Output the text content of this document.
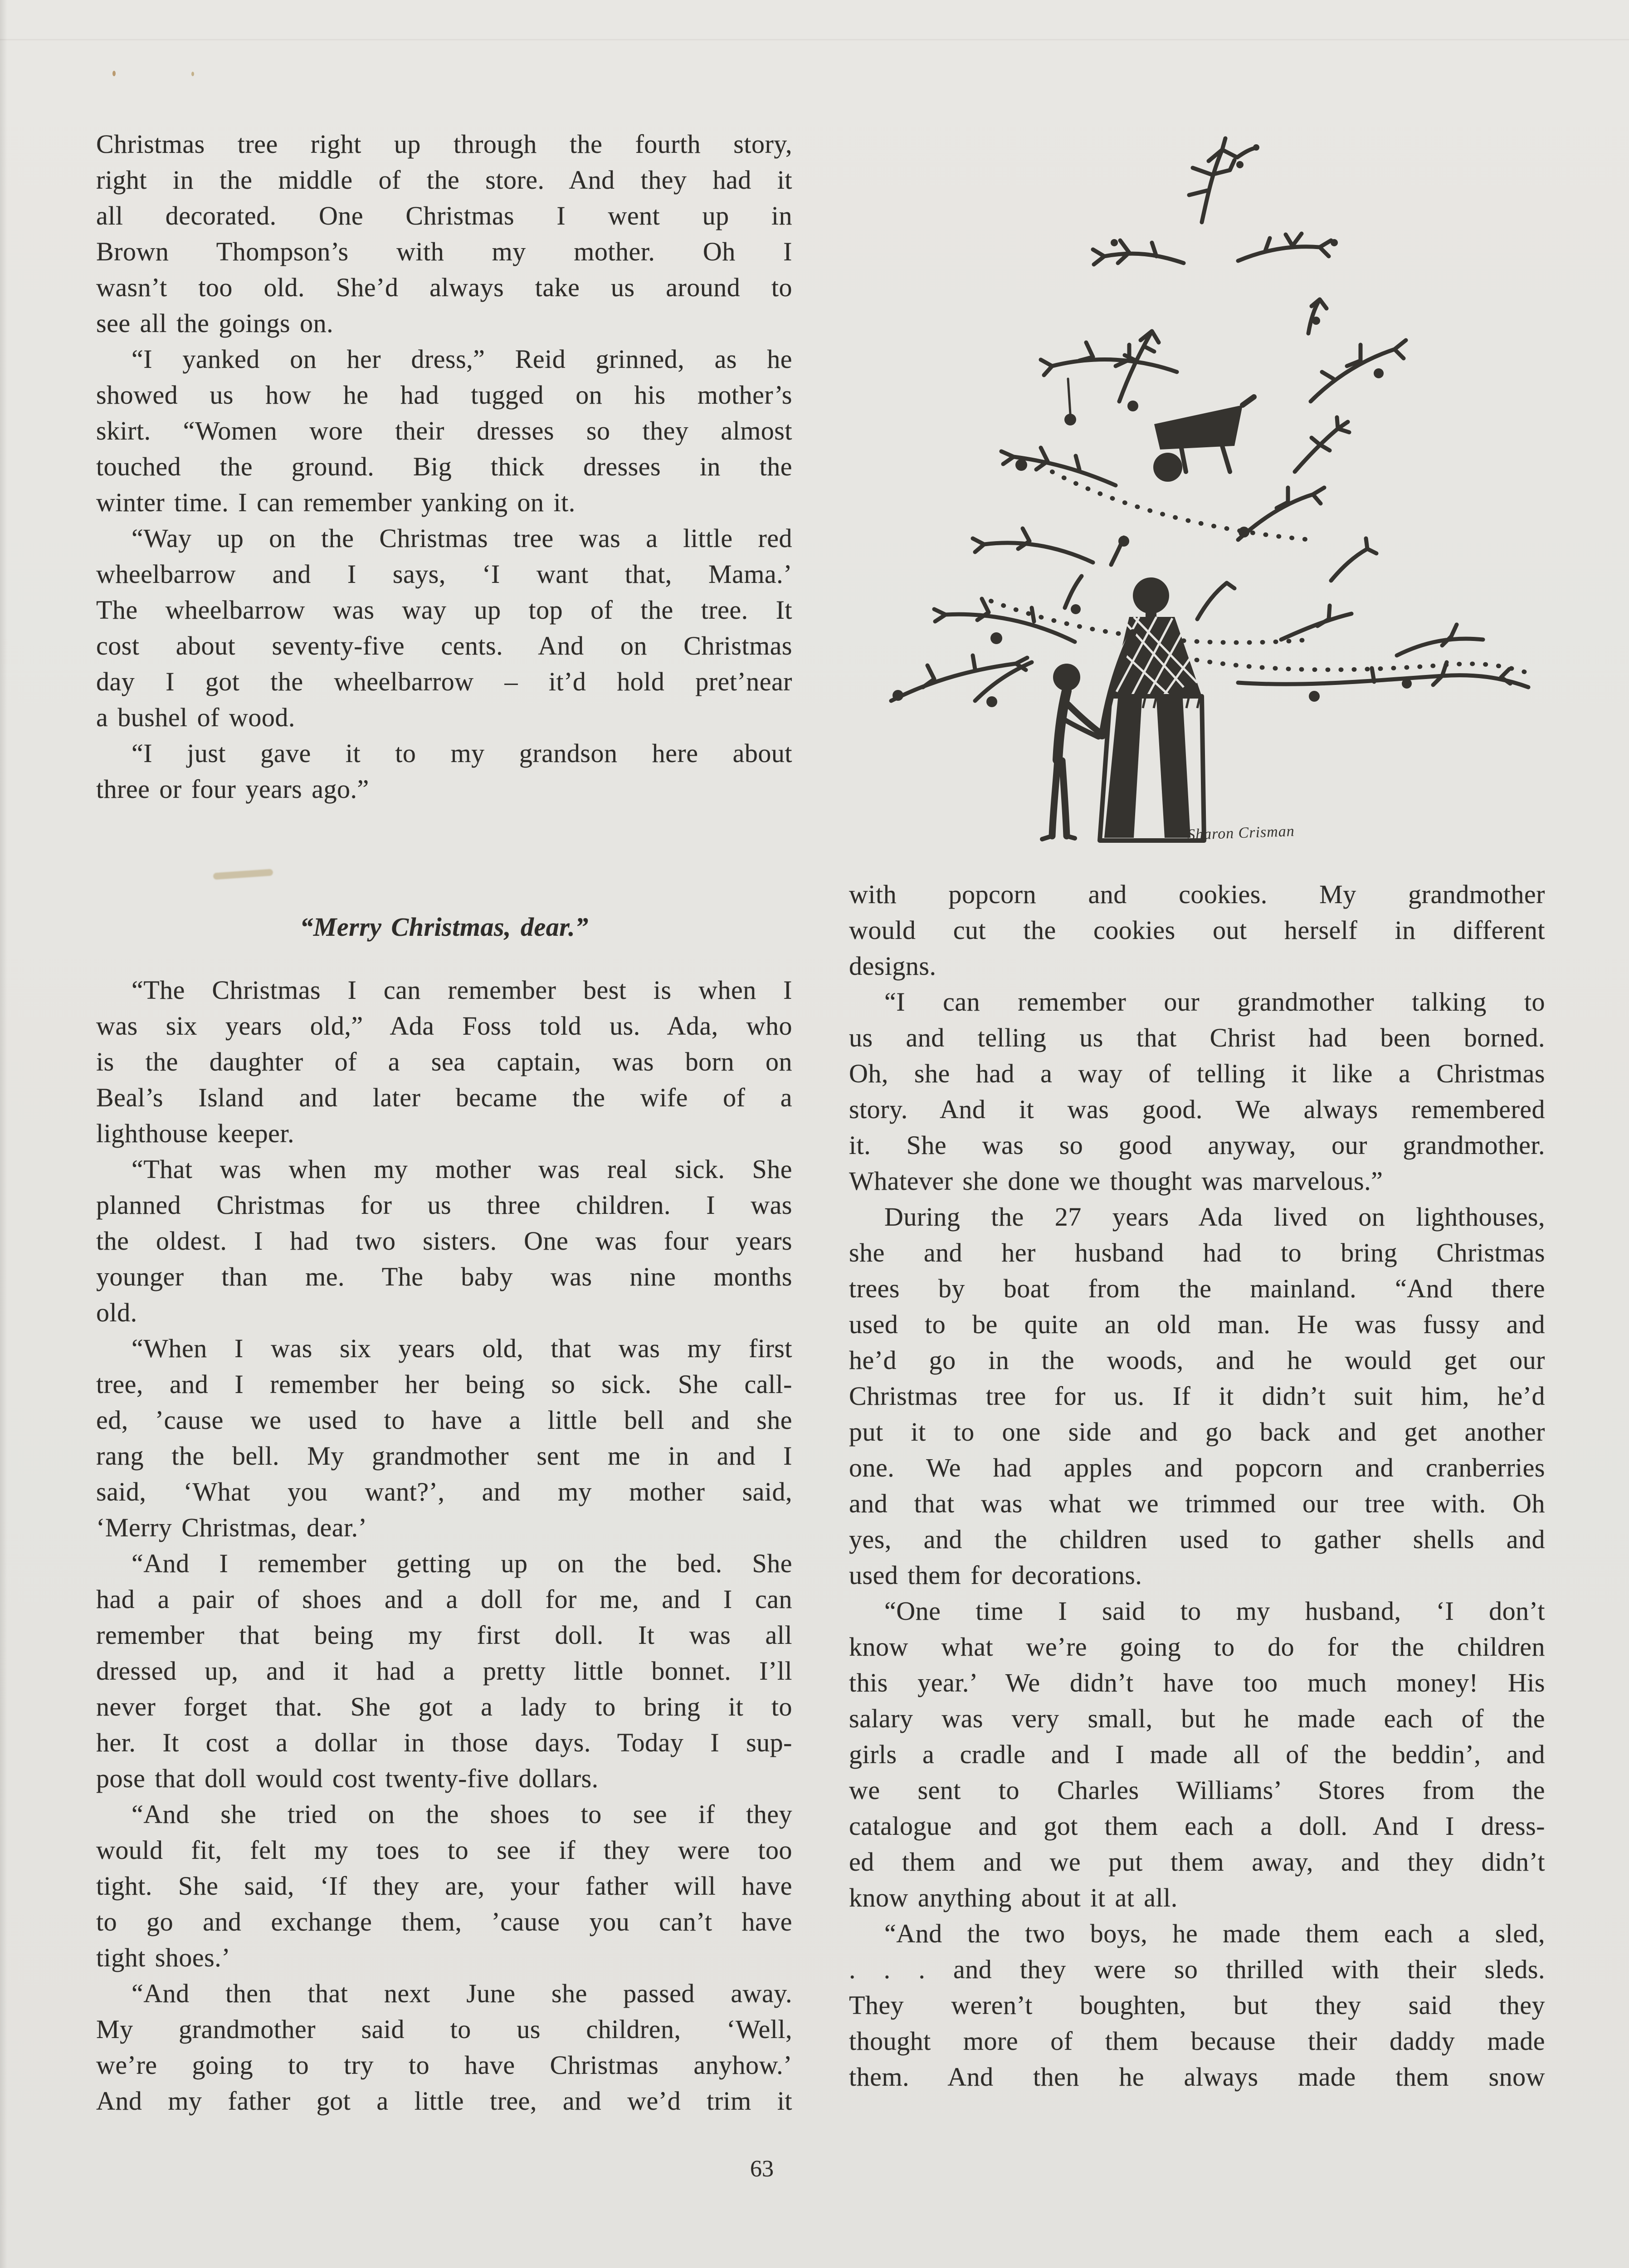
Sharon Crisman
Christmas tree right up through the fourth story,
right in the middle of the store. And they had it
all decorated. One Christmas I went up in
Brown Thompson’s with my mother. Oh I
wasn’t too old. She’d always take us around to
see all the goings on.
“I yanked on her dress,” Reid grinned, as he
showed us how he had tugged on his mother’s
skirt. “Women wore their dresses so they almost
touched the ground. Big thick dresses in the
winter time. I can remember yanking on it.
“Way up on the Christmas tree was a little red
wheelbarrow and I says, ‘I want that, Mama.’
The wheelbarrow was way up top of the tree. It
cost about seventy-five cents. And on Christmas
day I got the wheelbarrow – it’d hold pret’near
a bushel of wood.
“I just gave it to my grandson here about
three or four years ago.”
“Merry Christmas, dear.”
“The Christmas I can remember best is when I
was six years old,” Ada Foss told us. Ada, who
is the daughter of a sea captain, was born on
Beal’s Island and later became the wife of a
lighthouse keeper.
“That was when my mother was real sick. She
planned Christmas for us three children. I was
the oldest. I had two sisters. One was four years
younger than me. The baby was nine months
old.
“When I was six years old, that was my first
tree, and I remember her being so sick. She call-
ed, ’cause we used to have a little bell and she
rang the bell. My grandmother sent me in and I
said, ‘What you want?’, and my mother said,
‘Merry Christmas, dear.’
“And I remember getting up on the bed. She
had a pair of shoes and a doll for me, and I can
remember that being my first doll. It was all
dressed up, and it had a pretty little bonnet. I’ll
never forget that. She got a lady to bring it to
her. It cost a dollar in those days. Today I sup-
pose that doll would cost twenty-five dollars.
“And she tried on the shoes to see if they
would fit, felt my toes to see if they were too
tight. She said, ‘If they are, your father will have
to go and exchange them, ’cause you can’t have
tight shoes.’
“And then that next June she passed away.
My grandmother said to us children, ‘Well,
we’re going to try to have Christmas anyhow.’
And my father got a little tree, and we’d trim it
with popcorn and cookies. My grandmother
would cut the cookies out herself in different
designs.
“I can remember our grandmother talking to
us and telling us that Christ had been borned.
Oh, she had a way of telling it like a Christmas
story. And it was good. We always remembered
it. She was so good anyway, our grandmother.
Whatever she done we thought was marvelous.”
During the 27 years Ada lived on lighthouses,
she and her husband had to bring Christmas
trees by boat from the mainland. “And there
used to be quite an old man. He was fussy and
he’d go in the woods, and he would get our
Christmas tree for us. If it didn’t suit him, he’d
put it to one side and go back and get another
one. We had apples and popcorn and cranberries
and that was what we trimmed our tree with. Oh
yes, and the children used to gather shells and
used them for decorations.
“One time I said to my husband, ‘I don’t
know what we’re going to do for the children
this year.’ We didn’t have too much money! His
salary was very small, but he made each of the
girls a cradle and I made all of the beddin’, and
we sent to Charles Williams’ Stores from the
catalogue and got them each a doll. And I dress-
ed them and we put them away, and they didn’t
know anything about it at all.
“And the two boys, he made them each a sled,
. . . and they were so thrilled with their sleds.
They weren’t boughten, but they said they
thought more of them because their daddy made
them. And then he always made them snow
63
